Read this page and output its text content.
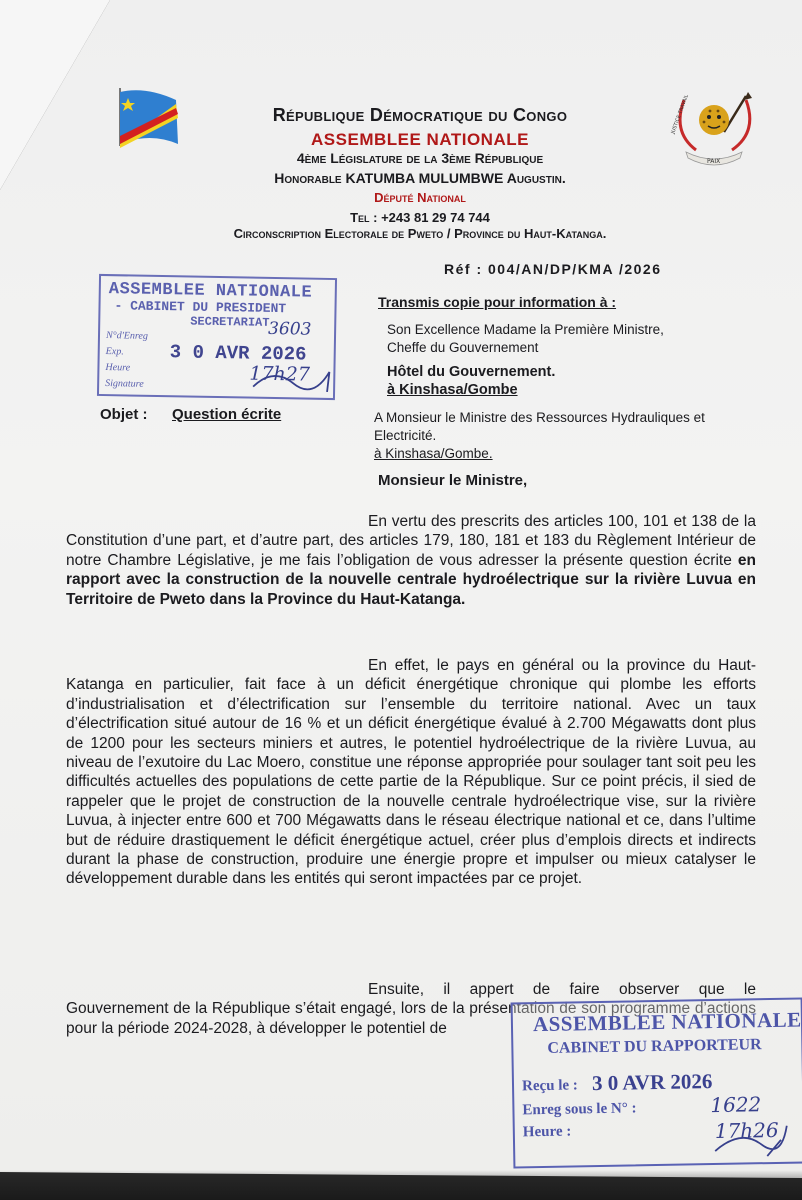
JUSTICE TRAVAIL
PAIX
République Démocratique du Congo
ASSEMBLEE NATIONALE
4ème Législature de la 3ème République
Honorable KATUMBA MULUMBWE Augustin.
Député National
Tel : +243 81 29 74 744
Circonscription Electorale de Pweto / Province du Haut-Katanga.
Réf : 004/AN/DP/KMA /2026
ASSEMBLEE NATIONALE
- CABINET DU PRESIDENT
SECRETARIAT
N°d'Enreg
Exp.
Heure
Signature
3 0 AVR 2026
3603
17h27
Transmis copie pour information à :
Son Excellence Madame la Première Ministre,
Cheffe du Gouvernement
Hôtel du Gouvernement.
à Kinshasa/Gombe
Objet : Question écrite	A Monsieur le Ministre des Ressources Hydrauliques et
Electricité.
à Kinshasa/Gombe.
Monsieur le Ministre,
En vertu des prescrits des articles 100, 101 et 138 de la Constitution d’une part, et d’autre part, des articles 179, 180, 181 et 183 du Règlement Intérieur de notre Chambre Législative, je me fais l’obligation de vous adresser la présente question écrite en rapport avec la construction de la nouvelle centrale hydroélectrique sur la rivière Luvua en Territoire de Pweto dans la Province du Haut-Katanga.
En effet, le pays en général ou la province du Haut-Katanga en particulier, fait face à un déficit énergétique chronique qui plombe les efforts d’industrialisation et d’électrification sur l’ensemble du territoire national. Avec un taux d’électrification situé autour de 16 % et un déficit énergétique évalué à 2.700 Mégawatts dont plus de 1200 pour les secteurs miniers et autres, le potentiel hydroélectrique de la rivière Luvua, au niveau de l’exutoire du Lac Moero, constitue une réponse appropriée pour soulager tant soit peu les difficultés actuelles des populations de cette partie de la République. Sur ce point précis, il sied de rappeler que le projet de construction de la nouvelle centrale hydroélectrique vise, sur la rivière Luvua, à injecter entre 600 et 700 Mégawatts dans le réseau électrique national et ce, dans l’ultime but de réduire drastiquement le déficit énergétique actuel, créer plus d’emplois directs et indirects durant la phase de construction, produire une énergie propre et impulser ou mieux catalyser le développement durable dans les entités qui seront impactées par ce projet.
Ensuite, il appert de faire observer que le Gouvernement de la République s’était engagé, lors de la présentation de son programme d’actions pour la période 2024-2028, à développer le potentiel de	ASSEMBLEE NATIONALE
CABINET DU RAPPORTEUR
Reçu le : 3 0 AVR 2026
Enreg sous le N° :
Heure :
1622
17h26
